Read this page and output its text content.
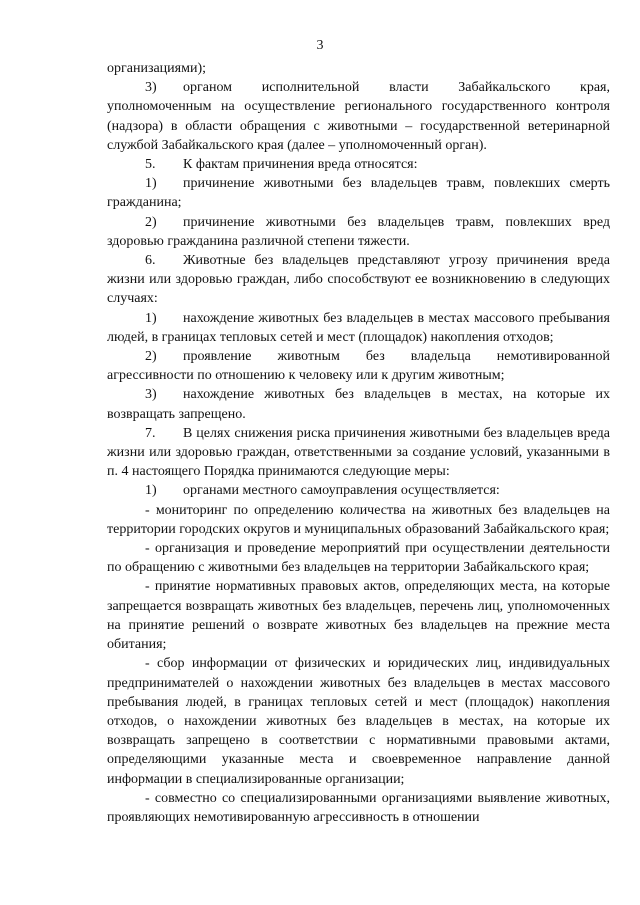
3

организациями);

3) органом исполнительной власти Забайкальского края, уполномоченным на осуществление регионального государственного контроля (надзора) в области обращения с животными – государственной ветеринарной службой Забайкальского края (далее – уполномоченный орган).

5. К фактам причинения вреда относятся:

1) причинение животными без владельцев травм, повлекших смерть гражданина;

2) причинение животными без владельцев травм, повлекших вред здоровью гражданина различной степени тяжести.

6. Животные без владельцев представляют угрозу причинения вреда жизни или здоровью граждан, либо способствуют ее возникновению в следующих случаях:

1) нахождение животных без владельцев в местах массового пребывания людей, в границах тепловых сетей и мест (площадок) накопления отходов;

2) проявление животным без владельца немотивированной агрессивности по отношению к человеку или к другим животным;

3) нахождение животных без владельцев в местах, на которые их возвращать запрещено.

7. В целях снижения риска причинения животными без владельцев вреда жизни или здоровью граждан, ответственными за создание условий, указанными в п. 4 настоящего Порядка принимаются следующие меры:

1) органами местного самоуправления осуществляется:

- мониторинг по определению количества на животных без владельцев на территории городских округов и муниципальных образований Забайкальского края;

- организация и проведение мероприятий при осуществлении деятельности по обращению с животными без владельцев на территории Забайкальского края;

- принятие нормативных правовых актов, определяющих места, на которые запрещается возвращать животных без владельцев, перечень лиц, уполномоченных на принятие решений о возврате животных без владельцев на прежние места обитания;

- сбор информации от физических и юридических лиц, индивидуальных предпринимателей о нахождении животных без владельцев в местах массового пребывания людей, в границах тепловых сетей и мест (площадок) накопления отходов, о нахождении животных без владельцев в местах, на которые их возвращать запрещено в соответствии с нормативными правовыми актами, определяющими указанные места и своевременное направление данной информации в специализированные организации;

- совместно со специализированными организациями выявление животных, проявляющих немотивированную агрессивность в отношении
